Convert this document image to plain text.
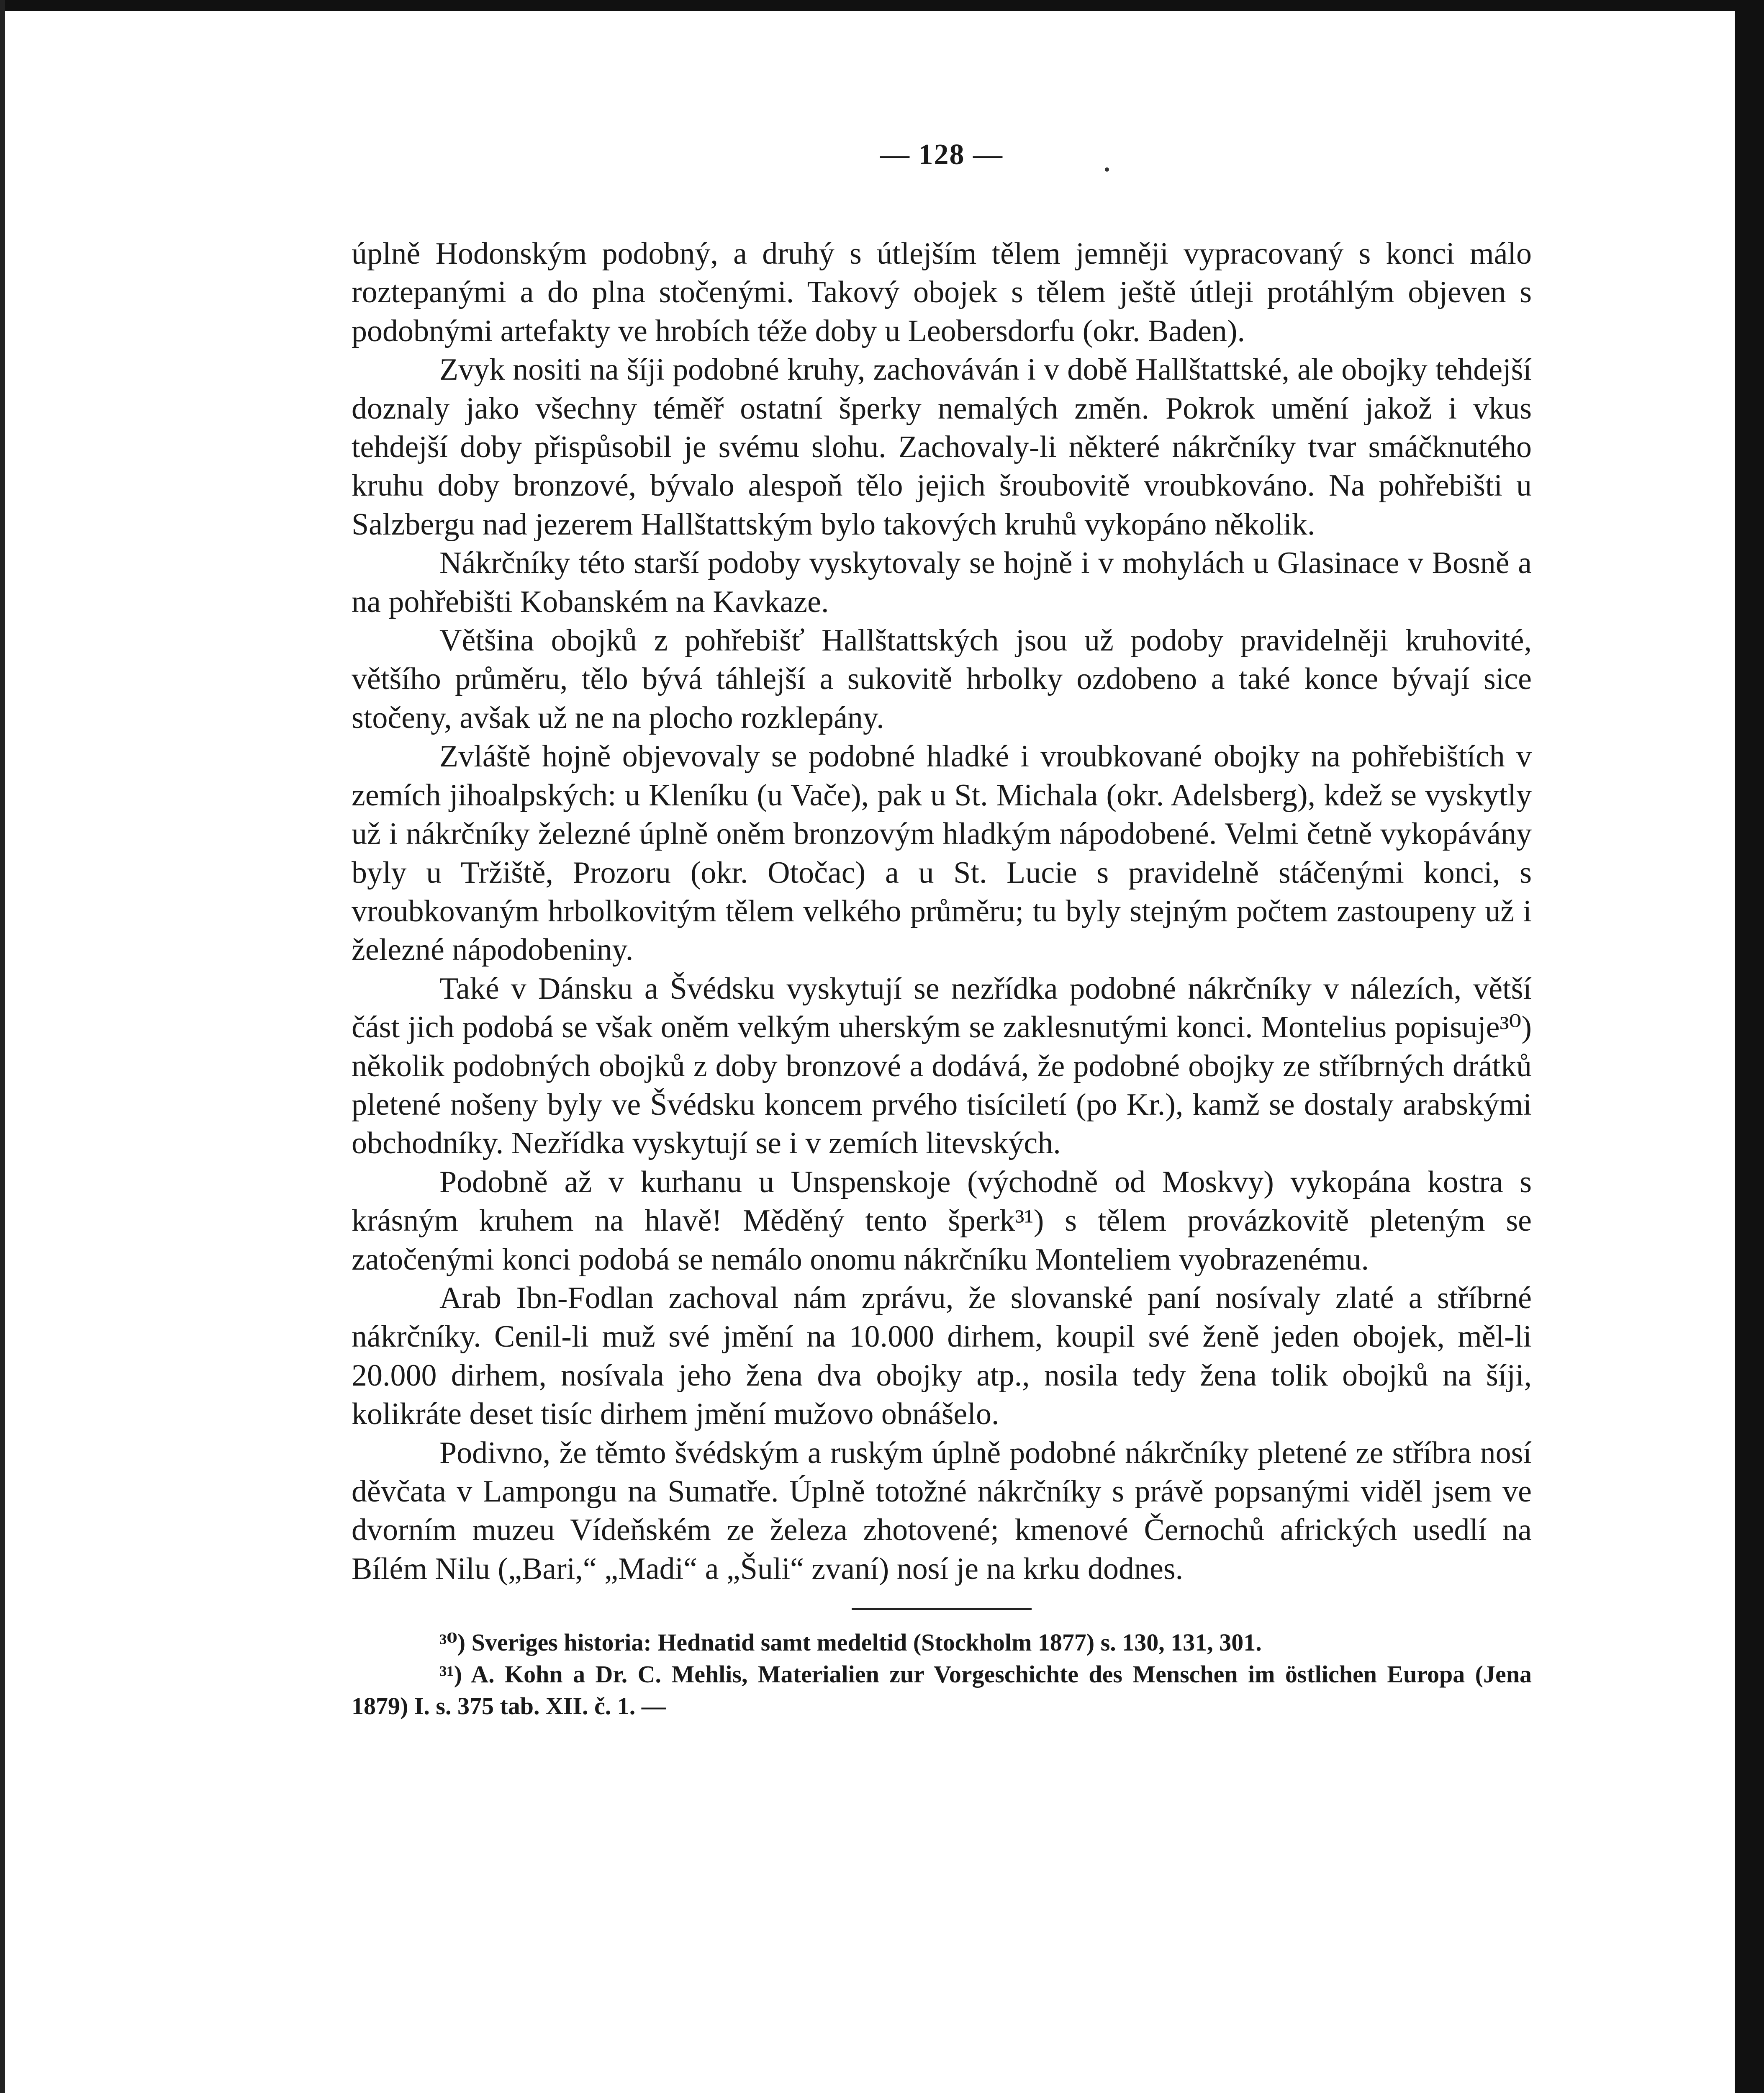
— 128 —

úplně Hodonským podobný, a druhý s útlejším tělem jemněji vypracovaný s konci málo roztepanými a do plna stočenými. Takový obojek s tělem ještě útleji protáhlým objeven s podobnými artefakty ve hrobích téže doby u Leobersdorfu (okr. Baden).

Zvyk nositi na šíji podobné kruhy, zachováván i v době Hallštattské, ale obojky tehdejší doznaly jako všechny téměř ostatní šperky nemalých změn. Pokrok umění jakož i vkus tehdejší doby přispůsobil je svému slohu. Zachovaly-li některé nákrčníky tvar smáčknutého kruhu doby bronzové, bývalo alespoň tělo jejich šroubovitě vroubkováno. Na pohřebišti u Salzbergu nad jezerem Hallštattským bylo takových kruhů vykopáno několik.

Nákrčníky této starší podoby vyskytovaly se hojně i v mohylách u Glasinace v Bosně a na pohřebišti Kobanském na Kavkaze.

Většina obojků z pohřebišť Hallštattských jsou už podoby pravidelněji kruhovité, většího průměru, tělo bývá táhlejší a sukovitě hrbolky ozdobeno a také konce bývají sice stočeny, avšak už ne na plocho rozklepány.

Zvláště hojně objevovaly se podobné hladké i vroubkované obojky na pohřebištích v zemích jihoalpských: u Kleníku (u Vače), pak u St. Michala (okr. Adelsberg), kdež se vyskytly už i nákrčníky železné úplně oněm bronzovým hladkým nápodobené. Velmi četně vykopávány byly u Tržiště, Prozoru (okr. Otočac) a u St. Lucie s pravidelně stáčenými konci, s vroubkovaným hrbolkovitým tělem velkého průměru; tu byly stejným počtem zastoupeny už i železné nápodobeniny.

Také v Dánsku a Švédsku vyskytují se nezřídka podobné nákrčníky v nálezích, větší část jich podobá se však oněm velkým uherským se zaklesnutými konci. Montelius popisuje³⁰) několik podobných obojků z doby bronzové a dodává, že podobné obojky ze stříbrných drátků pletené nošeny byly ve Švédsku koncem prvého tisíciletí (po Kr.), kamž se dostaly arabskými obchodníky. Nezřídka vyskytují se i v zemích litevských.

Podobně až v kurhanu u Unspenskoje (východně od Moskvy) vykopána kostra s krásným kruhem na hlavě! Měděný tento šperk³¹) s tělem provázkovitě pleteným se zatočenými konci podobá se nemálo onomu nákrčníku Monteliem vyobrazenému.

Arab Ibn-Fodlan zachoval nám zprávu, že slovanské paní nosívaly zlaté a stříbrné nákrčníky. Cenil-li muž své jmění na 10.000 dirhem, koupil své ženě jeden obojek, měl-li 20.000 dirhem, nosívala jeho žena dva obojky atp., nosila tedy žena tolik obojků na šíji, kolikráte deset tisíc dirhem jmění mužovo obnášelo.

Podivno, že těmto švédským a ruským úplně podobné nákrčníky pletené ze stříbra nosí děvčata v Lampongu na Sumatře. Úplně totožné nákrčníky s právě popsanými viděl jsem ve dvorním muzeu Vídeňském ze železa zhotovené; kmenové Černochů afrických usedlí na Bílém Nilu („Bari,“ „Madi“ a „Šuli“ zvaní) nosí je na krku dodnes.

³⁰) Sveriges historia: Hednatid samt medeltid (Stockholm 1877) s. 130, 131, 301.

³¹) A. Kohn a Dr. C. Mehlis, Materialien zur Vorgeschichte des Menschen im östlichen Europa (Jena 1879) I. s. 375 tab. XII. č. 1. —
